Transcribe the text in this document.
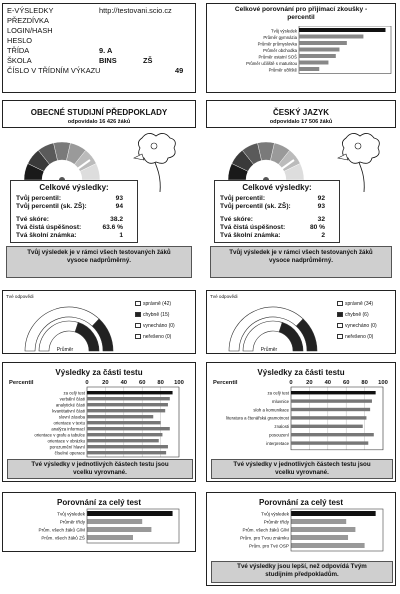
E-VÝSLEDKY	http://testovani.scio.cz
PŘEZDÍVKA
LOGIN/HASH
HESLO
TŘÍDA	9. A
ŠKOLA	BINS	ZŠ
ČÍSLO V TŘÍDNÍM VÝKAZU	49
Celkové porovnání pro přijímací zkoušky - percentil
Tvůj výsledek
Průměr gymnázia
Průměr průmyslovka
Průměr obchodka
Průměr ostatní SOŠ
Průměr učiliště s maturitou
Průměr učiliště
OBECNÉ STUDIJNÍ PŘEDPOKLADY
odpovídalo 16 426 žáků
Celkové výsledky:
Tvůj percentil:	93
Tvůj percentil (sk. ZŠ):	94
Tvé skóre:	38.2
Tvá čistá úspěšnost:	63.6 %
Tvá školní známka:	1
Tvůj výsledek je v rámci všech testovaných žáků vysoce nadprůměrný.
Tvé odpovědi
Průměr
správně (42)
chybně (15)
vynecháno (0)
neřešeno (0)
Výsledky za části testu
Percentil	0 20 40 60 80 100
za celý test
verbální části
analytické části
kvantitativní části
slovní zásoba
orientace v textu
analýza informací
orientace v grafu a tabulce
orientace v obrázku
porozumění hlavní
číselné operace
Tvé výsledky v jednotlivých částech testu jsou vcelku vyrovnané.
Porovnání za celý test
Tvůj výsledek
Průměr třídy
Prům. všech žáků G/M
Prům. všech žáků ZŠ
ČESKÝ JAZYK
odpovídalo 17 506 žáků
Celkové výsledky:
Tvůj percentil:	92
Tvůj percentil (sk. ZŠ):	93
Tvé skóre:	32
Tvá čistá úspěšnost:	80 %
Tvá školní známka:	2
Tvůj výsledek je v rámci všech testovaných žáků vysoce nadprůměrný.
Tvé odpovědi
Průměr
správně (34)
chybně (6)
vynecháno (0)
neřešeno (0)
Výsledky za části testu
Percentil	0 20 40 60 80 100
za celý test
mluvnice
sloh a komunikace
literatura a čtenářská gramotnost
znalosti
posouzení
interpretace
Tvé výsledky v jednotlivých částech testu jsou vcelku vyrovnané.
Porovnání za celý test
Tvůj výsledek
Průměr třídy
Prům. všech žáků G/M
Prům. pro Tvou známku
Prům. pro Tvé OSP
Tvé výsledky jsou lepší, než odpovídá Tvým studijním předpokladům.
